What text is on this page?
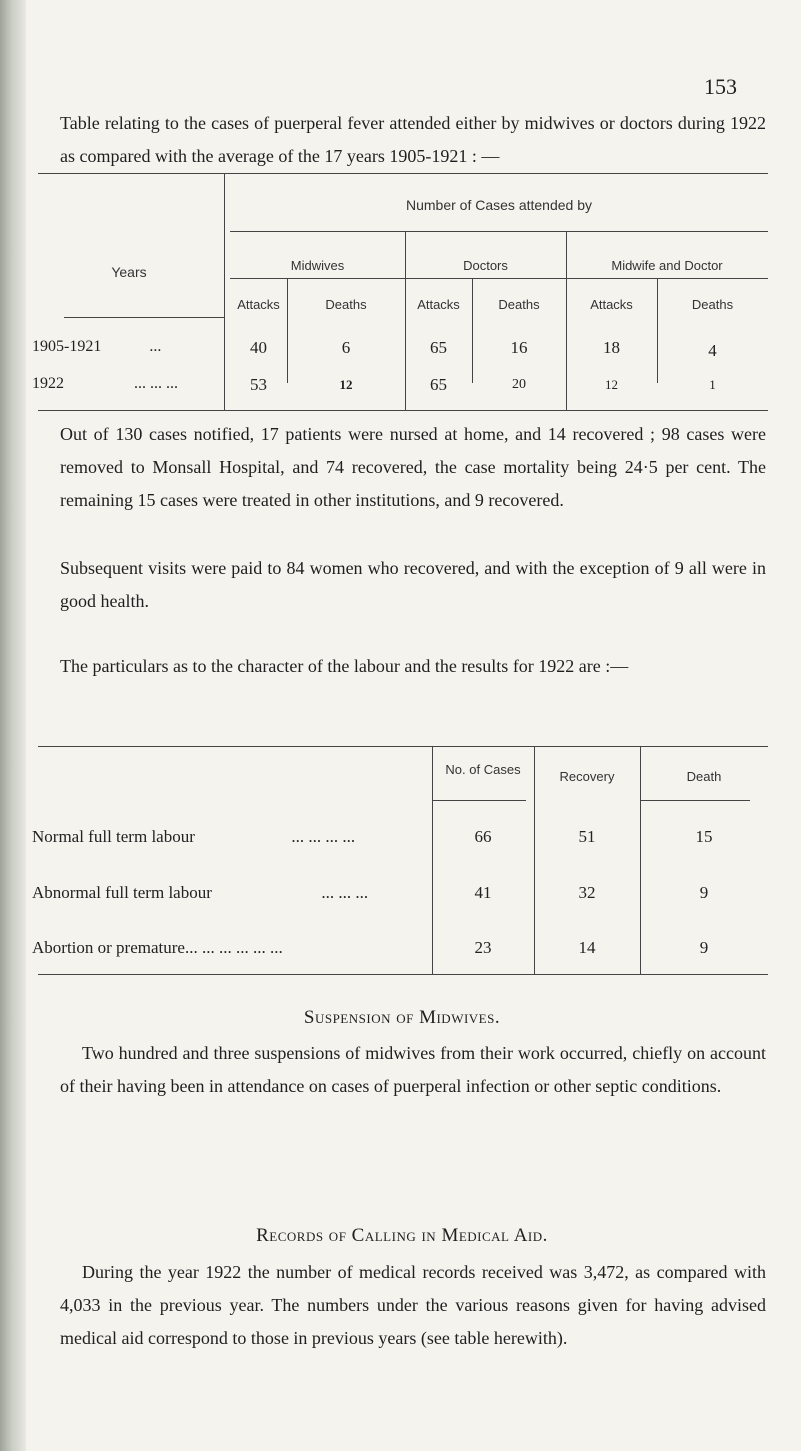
153

Table relating to the cases of puerperal fever attended either by midwives or doctors during 1922 as compared with the average of the 17 years 1905-1921 : —

Years
Number of Cases attended by
Midwives	Doctors	Midwife and Doctor
Attacks	Deaths	Attacks	Deaths	Attacks	Deaths
1905-1921	...	40	6	65	16	18	4
1922	... ... ...	53	12	65	20	12	1

Out of 130 cases notified, 17 patients were nursed at home, and 14 recovered ; 98 cases were removed to Monsall Hospital, and 74 recovered, the case mortality being 24·5 per cent. The remaining 15 cases were treated in other institutions, and 9 recovered.

Subsequent visits were paid to 84 women who recovered, and with the exception of 9 all were in good health.

The particulars as to the character of the labour and the results for 1922 are :—

No. of Cases	Recovery	Death
Normal full term labour	... ... ... ...	66	51	15
Abnormal full term labour	... ... ...	41	32	9
Abortion or premature... ... ... ... ... ...	23	14	9
Suspension of Midwives.

Two hundred and three suspensions of midwives from their work occurred, chiefly on account of their having been in attendance on cases of puerperal infection or other septic conditions.

Records of Calling in Medical Aid.

During the year 1922 the number of medical records received was 3,472, as compared with 4,033 in the previous year. The numbers under the various reasons given for having advised medical aid correspond to those in previous years (see table herewith).
